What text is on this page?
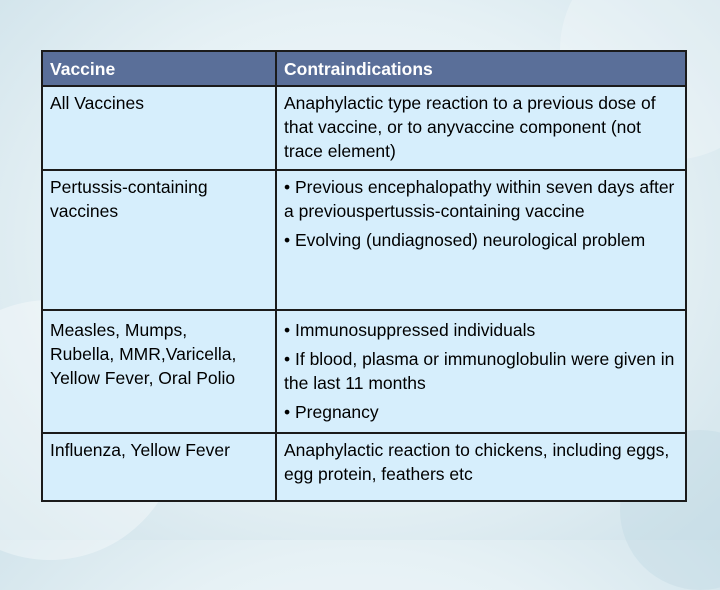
Vaccine	Contraindications

All Vaccines	Anaphylactic type reaction to a previous dose of that vaccine, or to anyvaccine component (not trace element)

Pertussis-containing vaccines	• Previous encephalopathy within seven days after a previouspertussis-containing vaccine
• Evolving (undiagnosed) neurological problem

Measles, Mumps,
Rubella, MMR,Varicella,
Yellow Fever, Oral Polio	• Immunosuppressed individuals
• If blood, plasma or immunoglobulin were given in the last 11 months
• Pregnancy

Influenza, Yellow Fever	Anaphylactic reaction to chickens, including eggs, egg protein, feathers etc
